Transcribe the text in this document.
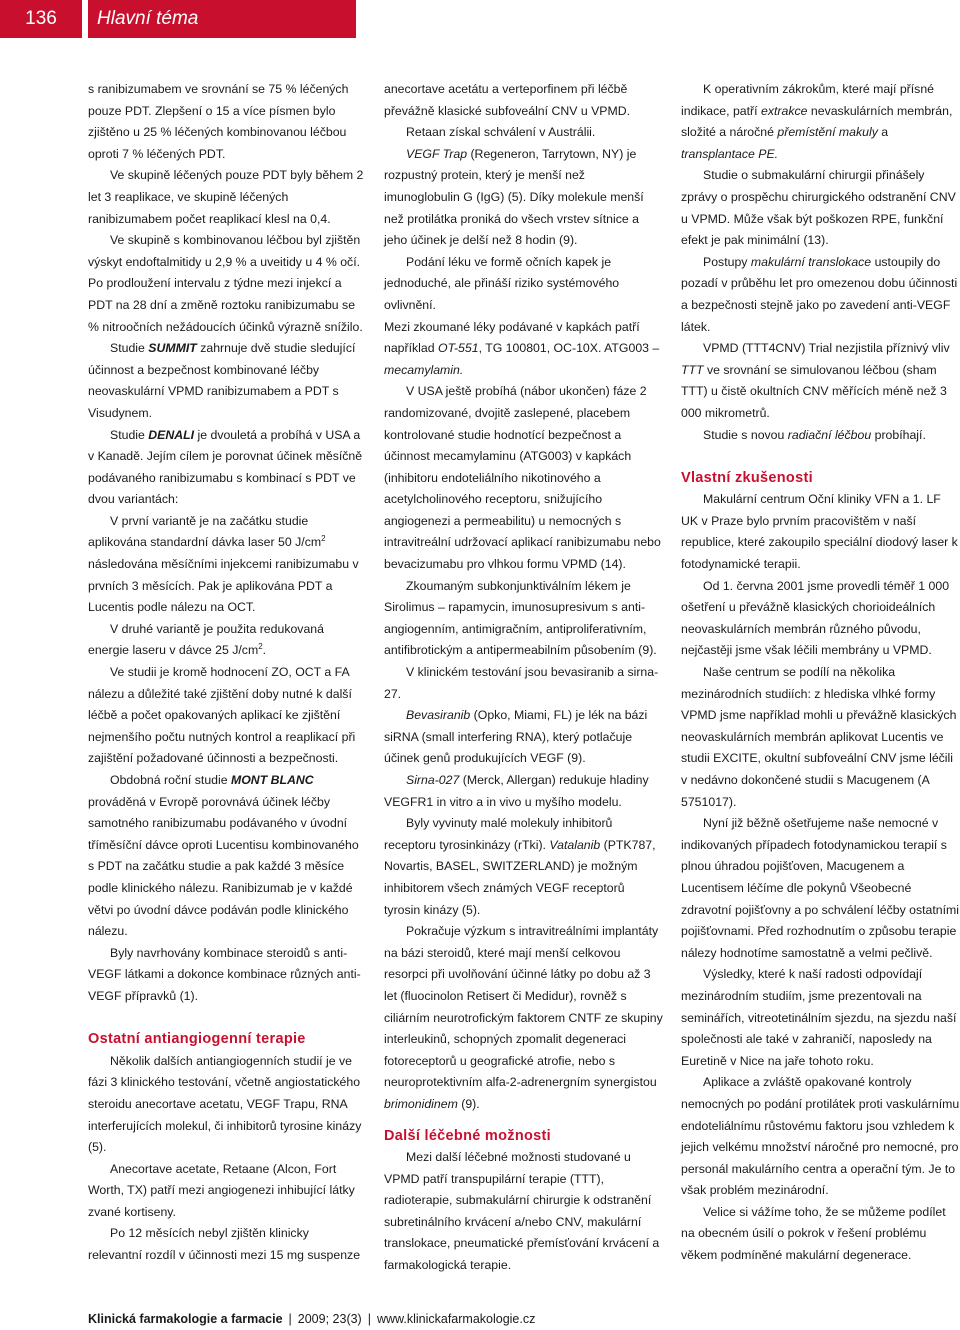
136	Hlavní téma

s ranibizumabem ve srovnání se 75 % léčených pouze PDT. Zlepšení o 15 a více písmen bylo zjištěno u 25 % léčených kombinovanou léčbou oproti 7 % léčených PDT.

Ve skupině léčených pouze PDT byly během 2 let 3 reaplikace, ve skupině léčených ranibizumabem počet reaplikací klesl na 0,4.

Ve skupině s kombinovanou léčbou byl zjištěn výskyt endoftalmitidy u 2,9 % a uveitidy u 4 % očí. Po prodloužení intervalu z týdne mezi injekcí a PDT na 28 dní a změně roztoku ranibizumabu se % nitroočních nežádoucích účinků výrazně snížilo.

Studie SUMMIT zahrnuje dvě studie sledující účinnost a bezpečnost kombinované léčby neovaskulární VPMD ranibizumabem a PDT s Visudynem.

Studie DENALI je dvouletá a probíhá v USA a v Kanadě. Jejím cílem je porovnat účinek měsíčně podávaného ranibizumabu s kombinací s PDT ve dvou variantách:

V první variantě je na začátku studie aplikována standardní dávka laser 50 $J/cm^2$ následována měsíčními injekcemi ranibizumabu v prvních 3 měsících. Pak je aplikována PDT a Lucentis podle nálezu na OCT.

V druhé variantě je použita redukovaná energie laseru v dávce 25 $J/cm^2$.

Ve studii je kromě hodnocení ZO, OCT a FA nálezu a důležité také zjištění doby nutné k další léčbě a počet opakovaných aplikací ke zjištění nejmenšího počtu nutných kontrol a reaplikací při zajištění požadované účinnosti a bezpečnosti.

Obdobná roční studie MONT BLANC prováděná v Evropě porovnává účinek léčby samotného ranibizumabu podávaného v úvodní tříměsíční dávce oproti Lucentisu kombinovaného s PDT na začátku studie a pak každé 3 měsíce podle klinického nálezu. Ranibizumab je v každé větvi po úvodní dávce podáván podle klinického nálezu.

Byly navrhovány kombinace steroidů s anti-VEGF látkami a dokonce kombinace různých anti-VEGF přípravků (1).

Ostatní antiangiogenní terapie

Několik dalších antiangiogenních studií je ve fázi 3 klinického testování, včetně angiostatického steroidu anecortave acetatu, VEGF Trapu, RNA interferujících molekul, či inhibitorů tyrosine kinázy (5).

Anecortave acetate, Retaane (Alcon, Fort Worth, TX) patří mezi angiogenezi inhibující látky zvané kortiseny.

Po 12 měsících nebyl zjištěn klinicky relevantní rozdíl v účinnosti mezi 15 mg suspenze

anecortave acetátu a verteporfinem při léčbě převážně klasické subfoveální CNV u VPMD.

Retaan získal schválení v Austrálii.

VEGF Trap (Regeneron, Tarrytown, NY) je rozpustný protein, který je menší než imunoglobulin G (IgG) (5). Díky molekule menší než protilátka proniká do všech vrstev sítnice a jeho účinek je delší než 8 hodin (9).

Podání léku ve formě očních kapek je jednoduché, ale přináší riziko systémového ovlivnění.

Mezi zkoumané léky podávané v kapkách patří například OT-551, TG 100801, OC-10X. ATG003 – mecamylamin.

V USA ještě probíhá (nábor ukončen) fáze 2 randomizované, dvojitě zaslepené, placebem kontrolované studie hodnotící bezpečnost a účinnost mecamylaminu (ATG003) v kapkách (inhibitoru endoteliálního nikotinového a acetylcholinového receptoru, snižujícího angiogenezi a permeabilitu) u nemocných s intravitreální udržovací aplikací ranibizumabu nebo bevacizumabu pro vlhkou formu VPMD (14).

Zkoumaným subkonjunktiválním lékem je Sirolimus – rapamycin, imunosupresivum s anti-angiogenním, antimigračním, antiproliferativním, antifibrotickým a antipermeabilním působením (9).

V klinickém testování jsou bevasiranib a sirna-27.

Bevasiranib (Opko, Miami, FL) je lék na bázi siRNA (small interfering RNA), který potlačuje účinek genů produkujících VEGF (9).

Sirna-027 (Merck, Allergan) redukuje hladiny VEGFR1 in vitro a in vivo u myšího modelu.

Byly vyvinuty malé molekuly inhibitorů receptoru tyrosinkinázy (rTki). Vatalanib (PTK787, Novartis, BASEL, SWITZERLAND) je možným inhibitorem všech známých VEGF receptorů tyrosin kinázy (5).

Pokračuje výzkum s intravitreálními implantáty na bázi steroidů, které mají menší celkovou resorpci při uvolňování účinné látky po dobu až 3 let (fluocinolon Retisert či Medidur), rovněž s ciliárním neurotrofickým faktorem CNTF ze skupiny interleukinů, schopných zpomalit degeneraci fotoreceptorů u geografické atrofie, nebo s neuroprotektivním alfa-2-adrenergním synergistou brimonidinem (9).

Další léčebné možnosti

Mezi další léčebné možnosti studované u VPMD patří transpupilární terapie (TTT), radioterapie, submakulární chirurgie k odstranění subretinálního krvácení a/nebo CNV, makulární translokace, pneumatické přemísťování krvácení a farmakologická terapie.

K operativním zákrokům, které mají přísné indikace, patří extrakce nevaskulárních membrán, složité a náročné přemístění makuly a transplantace PE.

Studie o submakulární chirurgii přinášely zprávy o prospěchu chirurgického odstranění CNV u VPMD. Může však být poškozen RPE, funkční efekt je pak minimální (13).

Postupy makulární translokace ustoupily do pozadí v průběhu let pro omezenou dobu účinnosti a bezpečnosti stejně jako po zavedení anti-VEGF látek.

VPMD (TTT4CNV) Trial nezjistila příznivý vliv TTT ve srovnání se simulovanou léčbou (sham TTT) u čistě okultních CNV měřících méně než 3 000 mikrometrů.

Studie s novou radiační léčbou probíhají.

Vlastní zkušenosti

Makulární centrum Oční kliniky VFN a 1. LF UK v Praze bylo prvním pracovištěm v naší republice, které zakoupilo speciální diodový laser k fotodynamické terapii.

Od 1. června 2001 jsme provedli téměř 1 000 ošetření u převážně klasických chorioideálních neovaskulárních membrán různého původu, nejčastěji jsme však léčili membrány u VPMD.

Naše centrum se podílí na několika mezinárodních studiích: z hlediska vlhké formy VPMD jsme například mohli u převážně klasických neovaskulárních membrán aplikovat Lucentis ve studii EXCITE, okultní subfoveální CNV jsme léčili v nedávno dokončené studii s Macugenem (A 5751017).

Nyní již běžně ošetřujeme naše nemocné v indikovaných případech fotodynamickou terapií s plnou úhradou pojišťoven, Macugenem a Lucentisem léčíme dle pokynů Všeobecné zdravotní pojišťovny a po schválení léčby ostatními pojišťovnami. Před rozhodnutím o způsobu terapie nálezy hodnotíme samostatně a velmi pečlivě.

Výsledky, které k naší radosti odpovídají mezinárodním studiím, jsme prezentovali na seminářích, vitreotetinálním sjezdu, na sjezdu naší společnosti ale také v zahraničí, naposledy na Euretině v Nice na jaře tohoto roku.

Aplikace a zvláště opakované kontroly nemocných po podání protilátek proti vaskulárnímu endoteliálnímu růstovému faktoru jsou vzhledem k jejich velkému množství náročné pro nemocné, pro personál makulárního centra a operační tým. Je to však problém mezinárodní.

Velice si vážíme toho, že se můžeme podílet na obecném úsilí o pokrok v řešení problému věkem podmíněné makulární degenerace.

Klinická farmakologie a farmacie | 2009; 23(3) | www.klinickafarmakologie.cz
